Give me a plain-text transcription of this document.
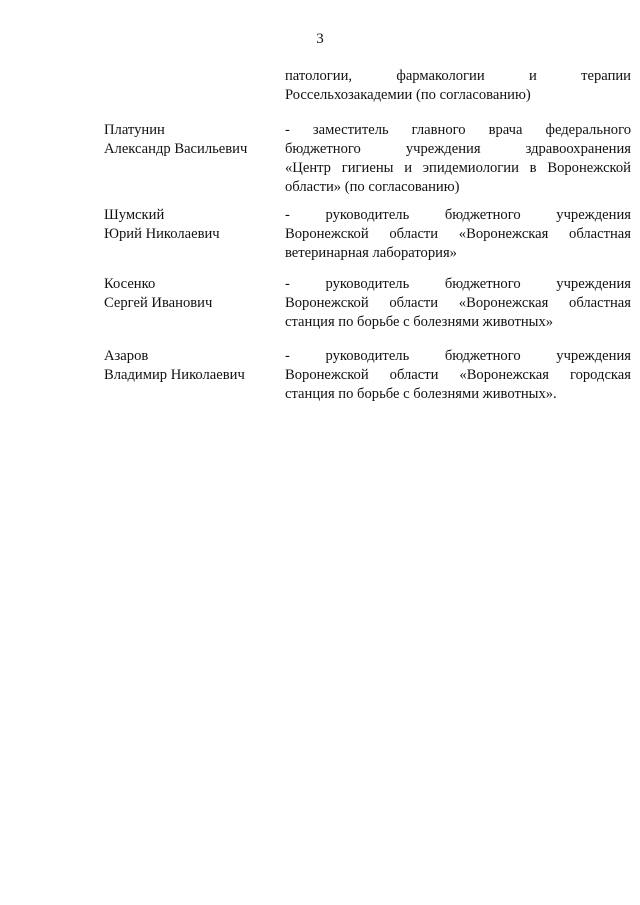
3
патологии, фармакологии и терапии
Россельхозакадемии (по согласованию)
Платунин
Александр Васильевич
- заместитель главного врача федерального
бюджетного учреждения здравоохранения
«Центр гигиены и эпидемиологии в Воронежской
области» (по согласованию)
Шумский
Юрий Николаевич
- руководитель бюджетного учреждения
Воронежской области «Воронежская областная
ветеринарная лаборатория»
Косенко
Сергей Иванович
- руководитель бюджетного учреждения
Воронежской области «Воронежская областная
станция по борьбе с болезнями животных»
Азаров
Владимир Николаевич
- руководитель бюджетного учреждения
Воронежской области «Воронежская городская
станция по борьбе с болезнями животных».
